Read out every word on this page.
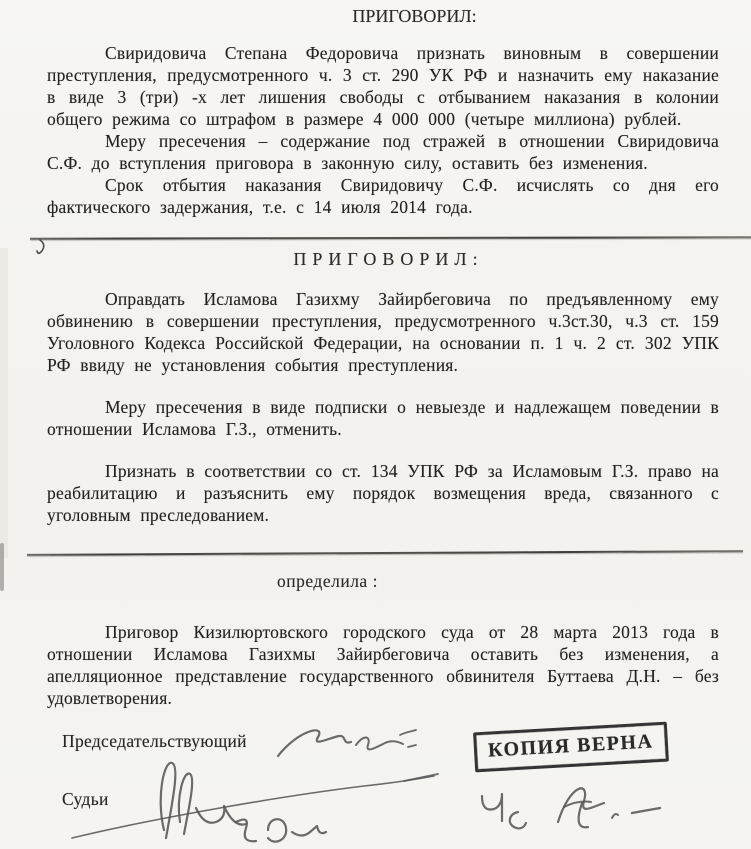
ПРИГОВОРИЛ:

Свиридовича Степана Федоровича признать виновным в совершении преступления, предусмотренного ч. 3 ст. 290 УК РФ и назначить ему наказание в виде 3 (три) -х лет лишения свободы с отбыванием наказания в колонии общего режима со штрафом в размере 4 000 000 (четыре миллиона) рублей.

Меру пресечения – содержание под стражей в отношении Свиридовича С.Ф. до вступления приговора в законную силу, оставить без изменения.

Срок отбытия наказания Свиридовичу С.Ф. исчислять со дня его фактического задержания, т.е. с 14 июля 2014 года.

ПРИГОВОРИЛ:

Оправдать Исламова Газихму Зайирбеговича по предъявленному ему обвинению в совершении преступления, предусмотренного ч.3ст.30, ч.3 ст. 159 Уголовного Кодекса Российской Федерации, на основании п. 1 ч. 2 ст. 302 УПК РФ ввиду не установления события преступления.

Меру пресечения в виде подписки о невыезде и надлежащем поведении в отношении Исламова Г.З., отменить.

Признать в соответствии со ст. 134 УПК РФ за Исламовым Г.З. право на реабилитацию и разъяснить ему порядок возмещения вреда, связанного с уголовным преследованием.

определила :

Приговор Кизилюртовского городского суда от 28 марта 2013 года в отношении Исламова Газихмы Зайирбеговича оставить без изменения, а апелляционное представление государственного обвинителя Буттаева Д.Н. – без удовлетворения.

Председательствующий
Судьи
КОПИЯ ВЕРНА
